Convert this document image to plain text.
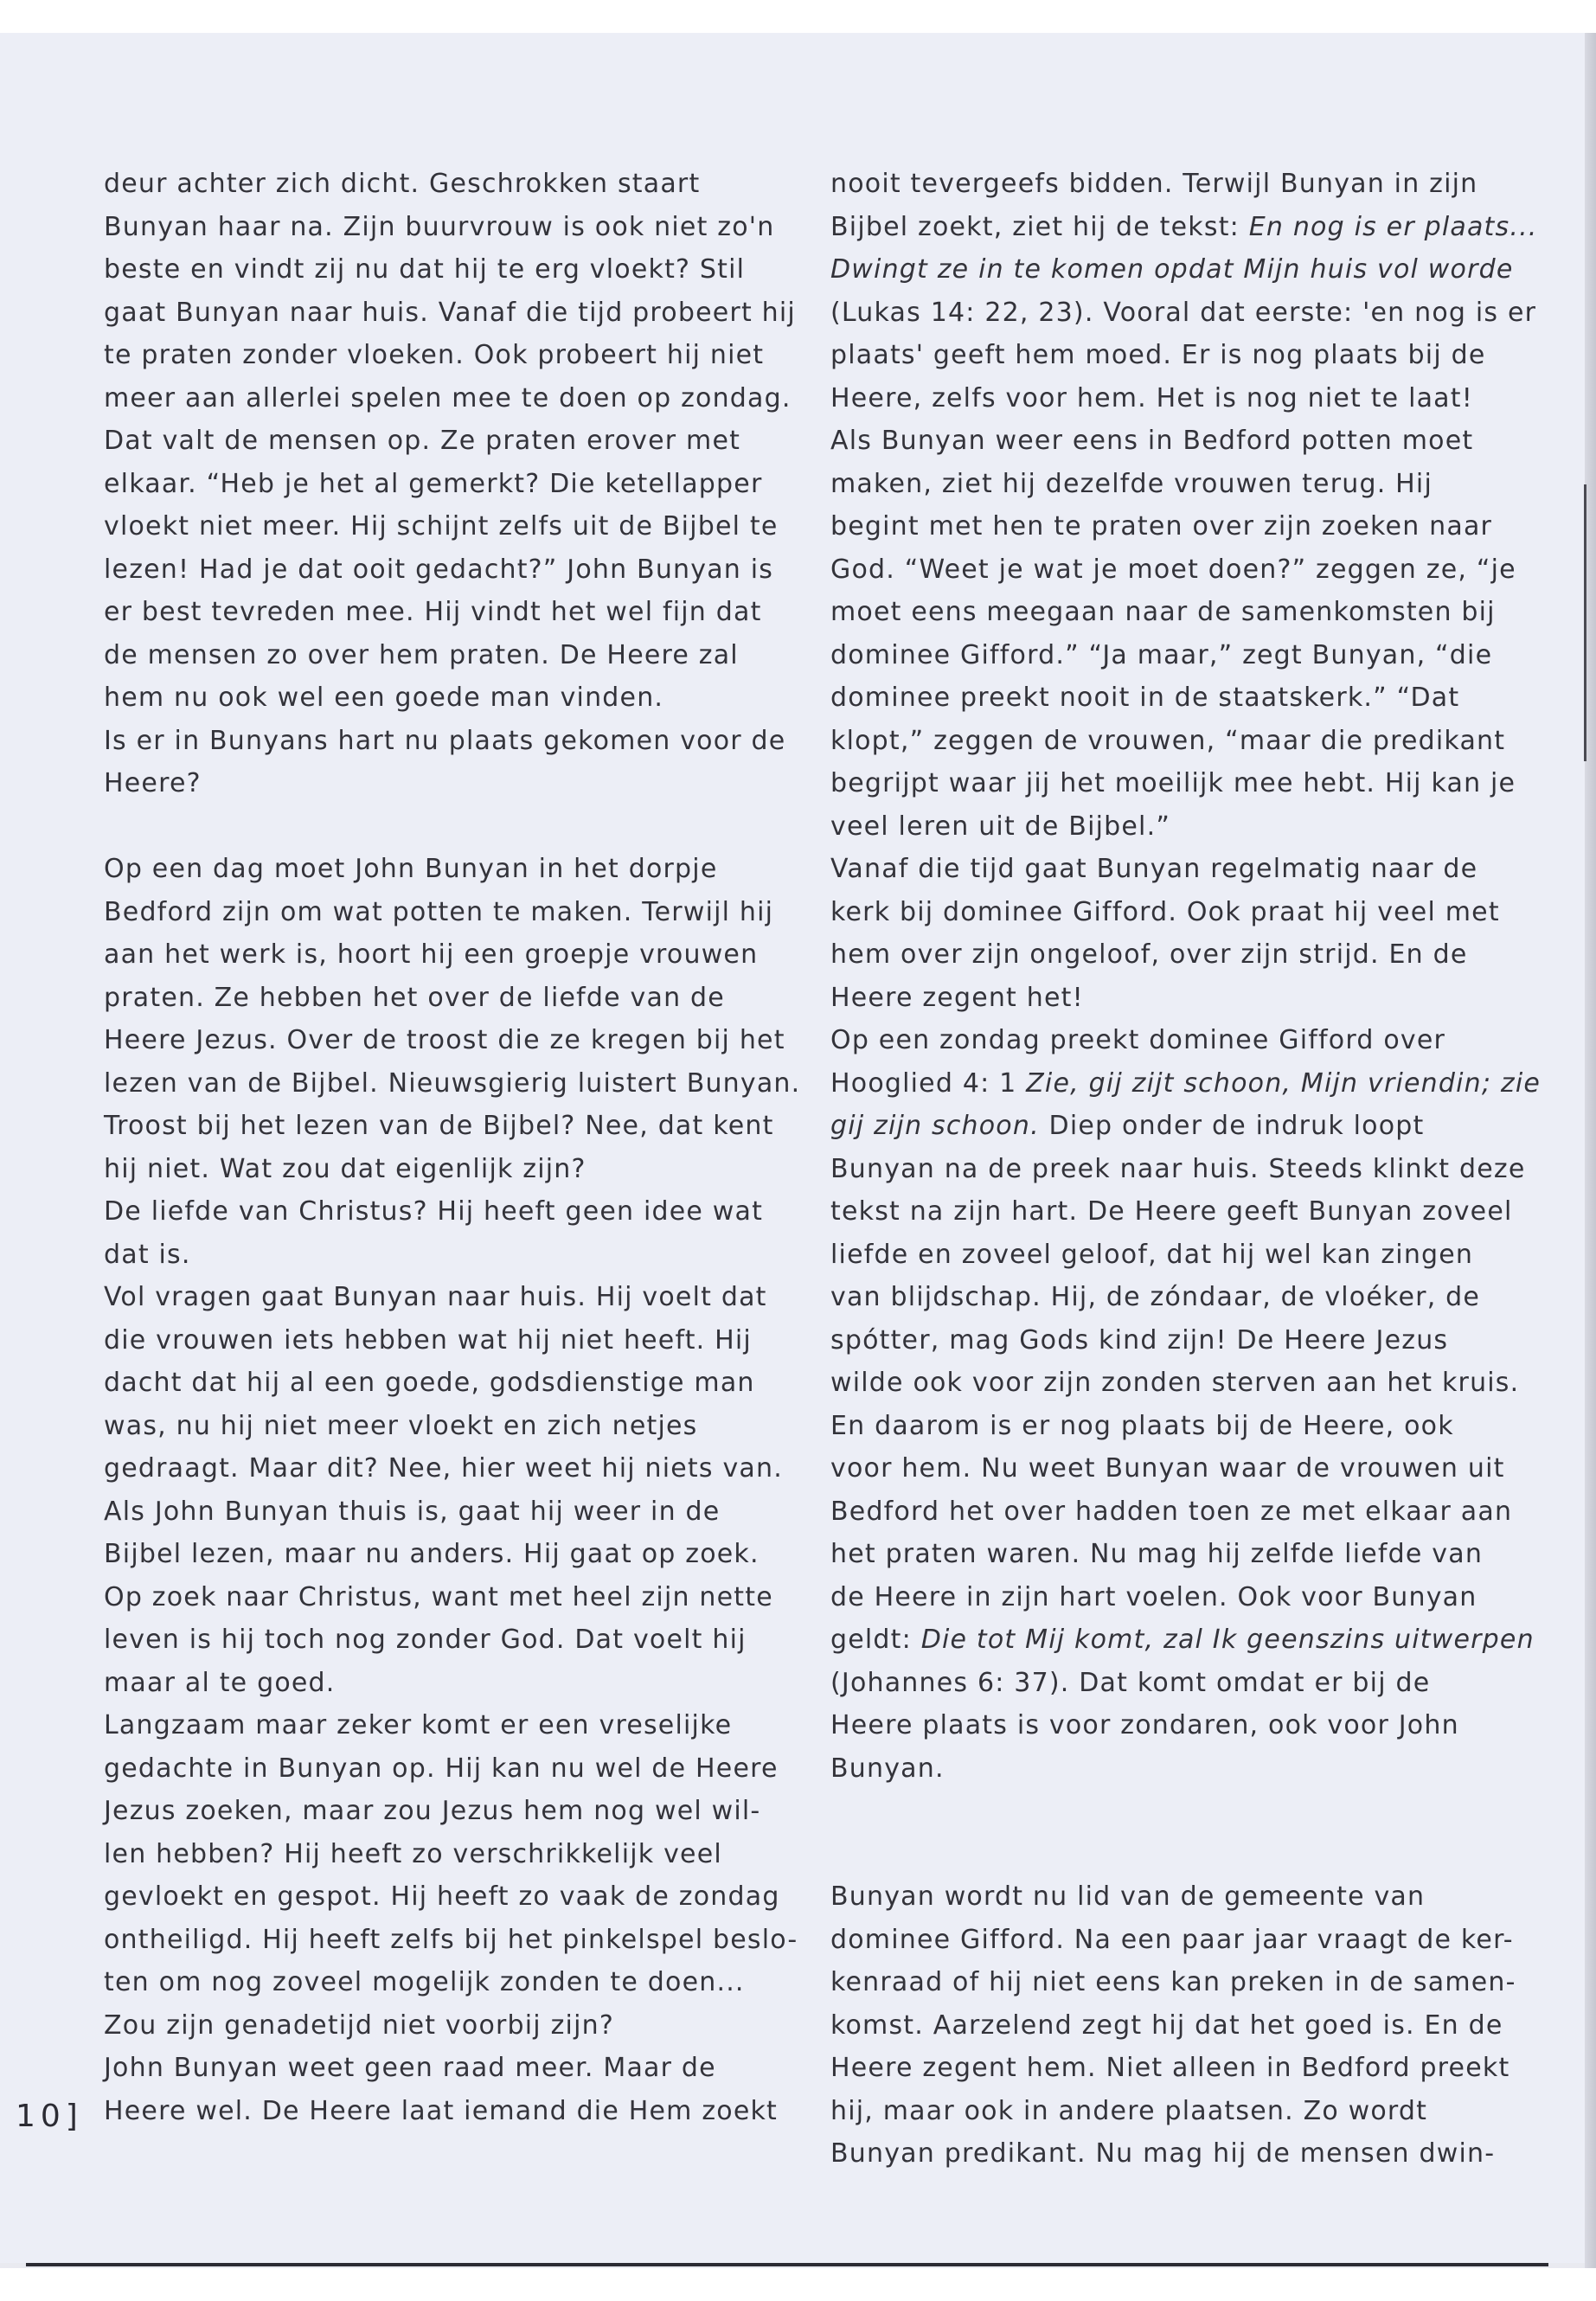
deur achter zich dicht. Geschrokken staart
Bunyan haar na. Zijn buurvrouw is ook niet zo'n
beste en vindt zij nu dat hij te erg vloekt? Stil
gaat Bunyan naar huis. Vanaf die tijd probeert hij
te praten zonder vloeken. Ook probeert hij niet
meer aan allerlei spelen mee te doen op zondag.
Dat valt de mensen op. Ze praten erover met
elkaar. “Heb je het al gemerkt? Die ketellapper
vloekt niet meer. Hij schijnt zelfs uit de Bijbel te
lezen! Had je dat ooit gedacht?” John Bunyan is
er best tevreden mee. Hij vindt het wel fijn dat
de mensen zo over hem praten. De Heere zal
hem nu ook wel een goede man vinden.
Is er in Bunyans hart nu plaats gekomen voor de
Heere?
Op een dag moet John Bunyan in het dorpje
Bedford zijn om wat potten te maken. Terwijl hij
aan het werk is, hoort hij een groepje vrouwen
praten. Ze hebben het over de liefde van de
Heere Jezus. Over de troost die ze kregen bij het
lezen van de Bijbel. Nieuwsgierig luistert Bunyan.
Troost bij het lezen van de Bijbel? Nee, dat kent
hij niet. Wat zou dat eigenlijk zijn?
De liefde van Christus? Hij heeft geen idee wat
dat is.
Vol vragen gaat Bunyan naar huis. Hij voelt dat
die vrouwen iets hebben wat hij niet heeft. Hij
dacht dat hij al een goede, godsdienstige man
was, nu hij niet meer vloekt en zich netjes
gedraagt. Maar dit? Nee, hier weet hij niets van.
Als John Bunyan thuis is, gaat hij weer in de
Bijbel lezen, maar nu anders. Hij gaat op zoek.
Op zoek naar Christus, want met heel zijn nette
leven is hij toch nog zonder God. Dat voelt hij
maar al te goed.
Langzaam maar zeker komt er een vreselijke
gedachte in Bunyan op. Hij kan nu wel de Heere
Jezus zoeken, maar zou Jezus hem nog wel wil-
len hebben? Hij heeft zo verschrikkelijk veel
gevloekt en gespot. Hij heeft zo vaak de zondag
ontheiligd. Hij heeft zelfs bij het pinkelspel beslo-
ten om nog zoveel mogelijk zonden te doen...
Zou zijn genadetijd niet voorbij zijn?
John Bunyan weet geen raad meer. Maar de
Heere wel. De Heere laat iemand die Hem zoekt
nooit tevergeefs bidden. Terwijl Bunyan in zijn
Bijbel zoekt, ziet hij de tekst: En nog is er plaats...
Dwingt ze in te komen opdat Mijn huis vol worde
(Lukas 14: 22, 23). Vooral dat eerste: 'en nog is er
plaats' geeft hem moed. Er is nog plaats bij de
Heere, zelfs voor hem. Het is nog niet te laat!
Als Bunyan weer eens in Bedford potten moet
maken, ziet hij dezelfde vrouwen terug. Hij
begint met hen te praten over zijn zoeken naar
God. “Weet je wat je moet doen?” zeggen ze, “je
moet eens meegaan naar de samenkomsten bij
dominee Gifford.” “Ja maar,” zegt Bunyan, “die
dominee preekt nooit in de staatskerk.” “Dat
klopt,” zeggen de vrouwen, “maar die predikant
begrijpt waar jij het moeilijk mee hebt. Hij kan je
veel leren uit de Bijbel.”
Vanaf die tijd gaat Bunyan regelmatig naar de
kerk bij dominee Gifford. Ook praat hij veel met
hem over zijn ongeloof, over zijn strijd. En de
Heere zegent het!
Op een zondag preekt dominee Gifford over
Hooglied 4: 1 Zie, gij zijt schoon, Mijn vriendin; zie
gij zijn schoon. Diep onder de indruk loopt
Bunyan na de preek naar huis. Steeds klinkt deze
tekst na zijn hart. De Heere geeft Bunyan zoveel
liefde en zoveel geloof, dat hij wel kan zingen
van blijdschap. Hij, de zóndaar, de vloéker, de
spótter, mag Gods kind zijn! De Heere Jezus
wilde ook voor zijn zonden sterven aan het kruis.
En daarom is er nog plaats bij de Heere, ook
voor hem. Nu weet Bunyan waar de vrouwen uit
Bedford het over hadden toen ze met elkaar aan
het praten waren. Nu mag hij zelfde liefde van
de Heere in zijn hart voelen. Ook voor Bunyan
geldt: Die tot Mij komt, zal Ik geenszins uitwerpen
(Johannes 6: 37). Dat komt omdat er bij de
Heere plaats is voor zondaren, ook voor John
Bunyan.
Bunyan wordt nu lid van de gemeente van
dominee Gifford. Na een paar jaar vraagt de ker-
kenraad of hij niet eens kan preken in de samen-
komst. Aarzelend zegt hij dat het goed is. En de
Heere zegent hem. Niet alleen in Bedford preekt
hij, maar ook in andere plaatsen. Zo wordt
Bunyan predikant. Nu mag hij de mensen dwin-
10]
